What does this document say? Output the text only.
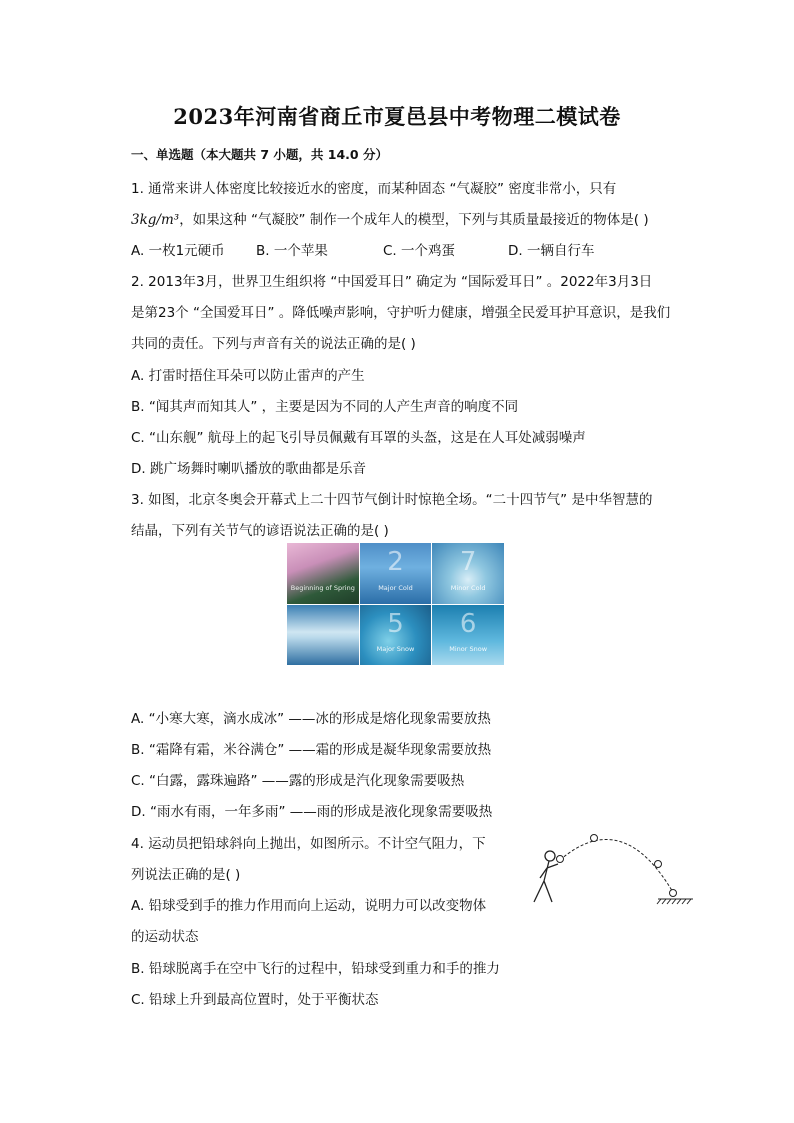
2023年河南省商丘市夏邑县中考物理二模试卷
一、单选题（本大题共 7 小题，共 14.0 分）
1. 通常来讲人体密度比较接近水的密度，而某种固态 “气凝胶” 密度非常小，只有
3kg/m³，如果这种 “气凝胶” 制作一个成年人的模型，下列与其质量最接近的物体是( )
A. 一枚1元硬币 B. 一个苹果	C. 一个鸡蛋	D. 一辆自行车
2. 2013年3月，世界卫生组织将 “中国爱耳日” 确定为 “国际爱耳日” 。2022年3月3日
是第23个 “全国爱耳日” 。降低噪声影响，守护听力健康，增强全民爱耳护耳意识，是我们
共同的责任。下列与声音有关的说法正确的是( )
A. 打雷时捂住耳朵可以防止雷声的产生
B. “闻其声而知其人” ，主要是因为不同的人产生声音的响度不同
C. “山东舰” 航母上的起飞引导员佩戴有耳罩的头盔，这是在人耳处减弱噪声
D. 跳广场舞时喇叭播放的歌曲都是乐音
3. 如图，北京冬奥会开幕式上二十四节气倒计时惊艳全场。“二十四节气” 是中华智慧的
结晶，下列有关节气的谚语说法正确的是( )
Beginning of Spring
2
Major Cold
7
Minor Cold
5
Major Snow
6
Minor Snow
A. “小寒大寒，滴水成冰” ——冰的形成是熔化现象需要放热
B. “霜降有霜，米谷满仓” ——霜的形成是凝华现象需要放热
C. “白露，露珠遍路” ——露的形成是汽化现象需要吸热
D. “雨水有雨，一年多雨” ——雨的形成是液化现象需要吸热
4. 运动员把铅球斜向上抛出，如图所示。不计空气阻力，下
列说法正确的是( )
A. 铅球受到手的推力作用而向上运动，说明力可以改变物体
的运动状态
B. 铅球脱离手在空中飞行的过程中，铅球受到重力和手的推力
C. 铅球上升到最高位置时，处于平衡状态
